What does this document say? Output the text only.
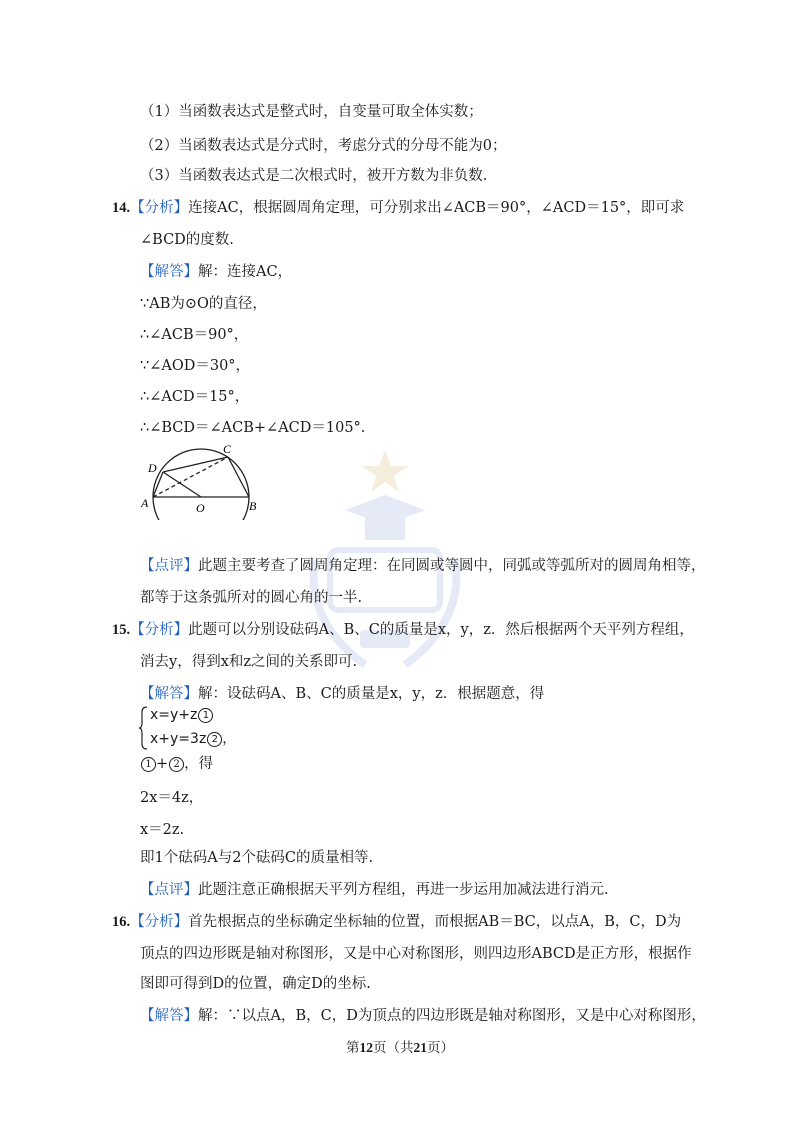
（1）当函数表达式是整式时，自变量可取全体实数；
（2）当函数表达式是分式时，考虑分式的分母不能为0；
（3）当函数表达式是二次根式时，被开方数为非负数.
14.【分析】连接AC，根据圆周角定理，可分别求出∠ACB＝90°，∠ACD＝15°，即可求
∠BCD的度数.
【解答】解：连接AC，
∵AB为⊙O的直径，
∴∠ACB＝90°，
∵∠AOD＝30°，
∴∠ACD＝15°，
∴∠BCD＝∠ACB+∠ACD＝105°.
A	B
C
D
O
【点评】此题主要考查了圆周角定理：在同圆或等圆中，同弧或等弧所对的圆周角相等，
都等于这条弧所对的圆心角的一半.
15.【分析】此题可以分别设砝码A、B、C的质量是x，y，z．然后根据两个天平列方程组，
消去y，得到x和z之间的关系即可.
【解答】解：设砝码A、B、C的质量是x，y，z．根据题意，得
x=y+z 1
x+y=3z 2 ，
1 + 2 ，得
2x＝4z，
x＝2z.
即1个砝码A与2个砝码C的质量相等.
【点评】此题注意正确根据天平列方程组，再进一步运用加减法进行消元.
16.【分析】首先根据点的坐标确定坐标轴的位置，而根据AB＝BC，以点A，B，C，D为
顶点的四边形既是轴对称图形，又是中心对称图形，则四边形ABCD是正方形，根据作
图即可得到D的位置，确定D的坐标.
【解答】解：∵以点A，B，C，D为顶点的四边形既是轴对称图形，又是中心对称图形，
第12页（共21页）
